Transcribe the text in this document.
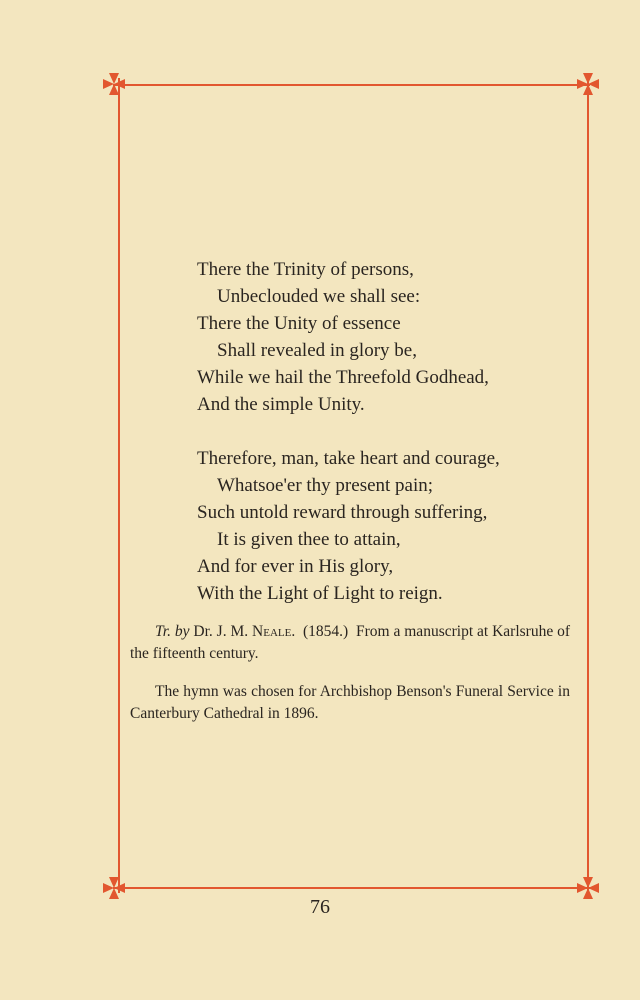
There the Trinity of persons,
Unbeclouded we shall see:
There the Unity of essence
Shall revealed in glory be,
While we hail the Threefold Godhead,
And the simple Unity.
Therefore, man, take heart and courage,
Whatsoe'er thy present pain;
Such untold reward through suffering,
It is given thee to attain,
And for ever in His glory,
With the Light of Light to reign.

Tr. by Dr. J. M. Neale. (1854.) From a manuscript at Karlsruhe of the fifteenth century.

The hymn was chosen for Archbishop Benson's Funeral Service in Canterbury Cathedral in 1896.

76
